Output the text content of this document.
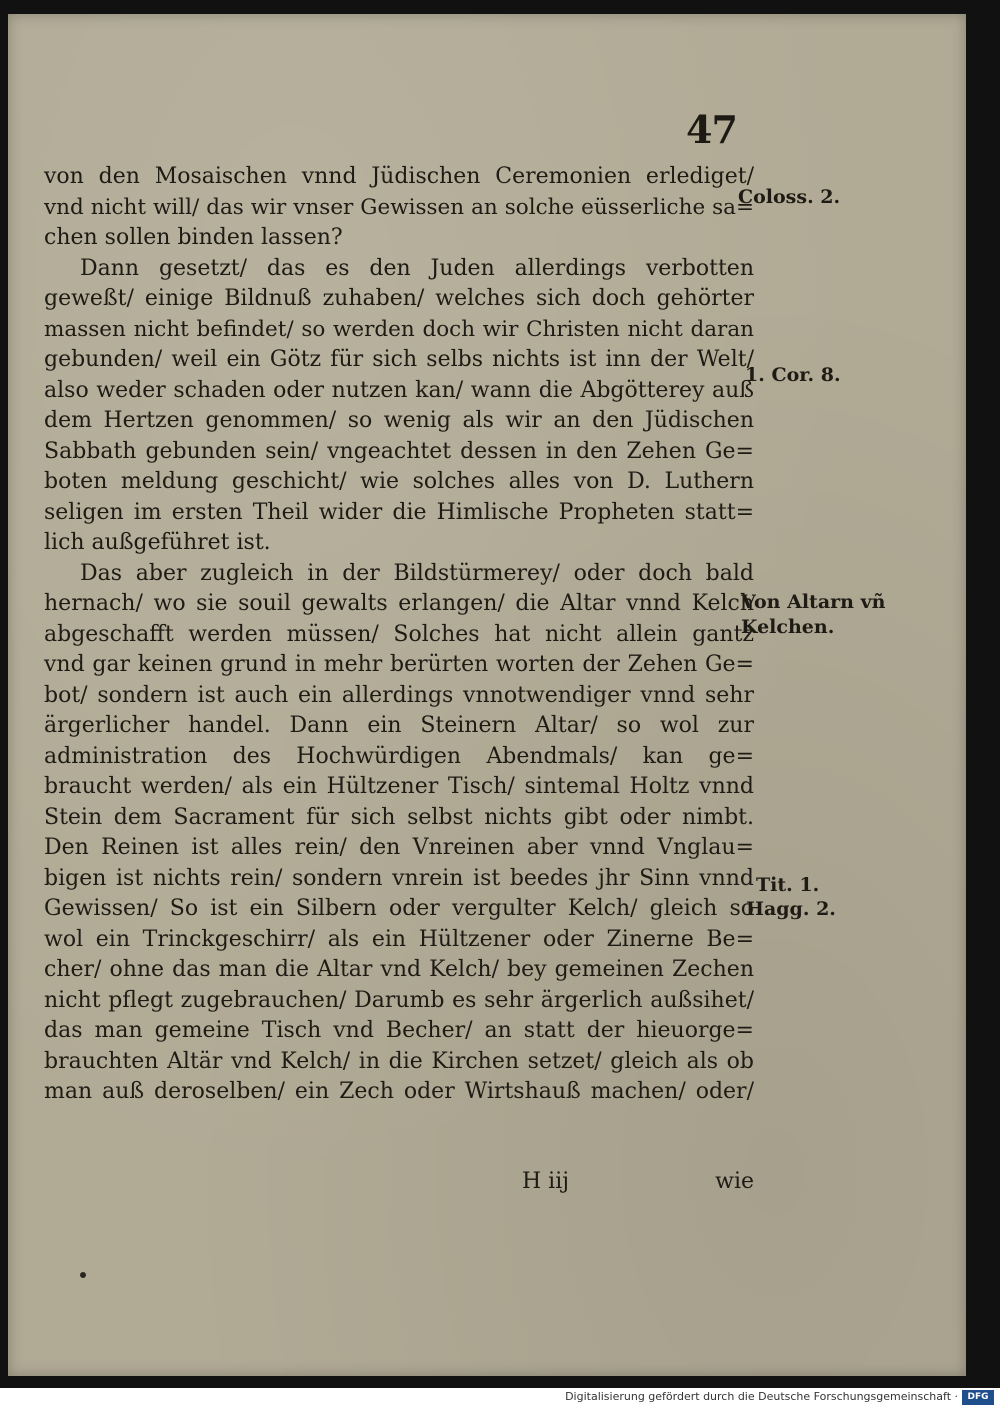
47
von den Mosaischen vnnd Jüdischen Ceremonien erlediget/
vnd nicht will/ das wir vnser Gewissen an solche eüsserliche sa=
chen sollen binden lassen?
Dann gesetzt/ das es den Juden allerdings verbotten
geweßt/ einige Bildnuß zuhaben/ welches sich doch gehörter
massen nicht befindet/ so werden doch wir Christen nicht daran
gebunden/ weil ein Götz für sich selbs nichts ist inn der Welt/
also weder schaden oder nutzen kan/ wann die Abgötterey auß
dem Hertzen genommen/ so wenig als wir an den Jüdischen
Sabbath gebunden sein/ vngeachtet dessen in den Zehen Ge=
boten meldung geschicht/ wie solches alles von D. Luthern
seligen im ersten Theil wider die Himlische Propheten statt=
lich außgeführet ist.
Das aber zugleich in der Bildstürmerey/ oder doch bald
hernach/ wo sie souil gewalts erlangen/ die Altar vnnd Kelch
abgeschafft werden müssen/ Solches hat nicht allein gantz
vnd gar keinen grund in mehr berürten worten der Zehen Ge=
bot/ sondern ist auch ein allerdings vnnotwendiger vnnd sehr
ärgerlicher handel. Dann ein Steinern Altar/ so wol zur
administration des Hochwürdigen Abendmals/ kan ge=
braucht werden/ als ein Hültzener Tisch/ sintemal Holtz vnnd
Stein dem Sacrament für sich selbst nichts gibt oder nimbt.
Den Reinen ist alles rein/ den Vnreinen aber vnnd Vnglau=
bigen ist nichts rein/ sondern vnrein ist beedes jhr Sinn vnnd
Gewissen/ So ist ein Silbern oder vergulter Kelch/ gleich so
wol ein Trinckgeschirr/ als ein Hültzener oder Zinerne Be=
cher/ ohne das man die Altar vnd Kelch/ bey gemeinen Zechen
nicht pflegt zugebrauchen/ Darumb es sehr ärgerlich außsihet/
das man gemeine Tisch vnd Becher/ an statt der hieuorge=
brauchten Altär vnd Kelch/ in die Kirchen setzet/ gleich als ob
man auß deroselben/ ein Zech oder Wirtshauß machen/ oder/
Coloss. 2.
1. Cor. 8.
Von Altarn vñ
Kelchen.
Tit. 1.
Hagg. 2.
H iij	wie
Digitalisierung gefördert durch die Deutsche Forschungsgemeinschaft ·	DFG
